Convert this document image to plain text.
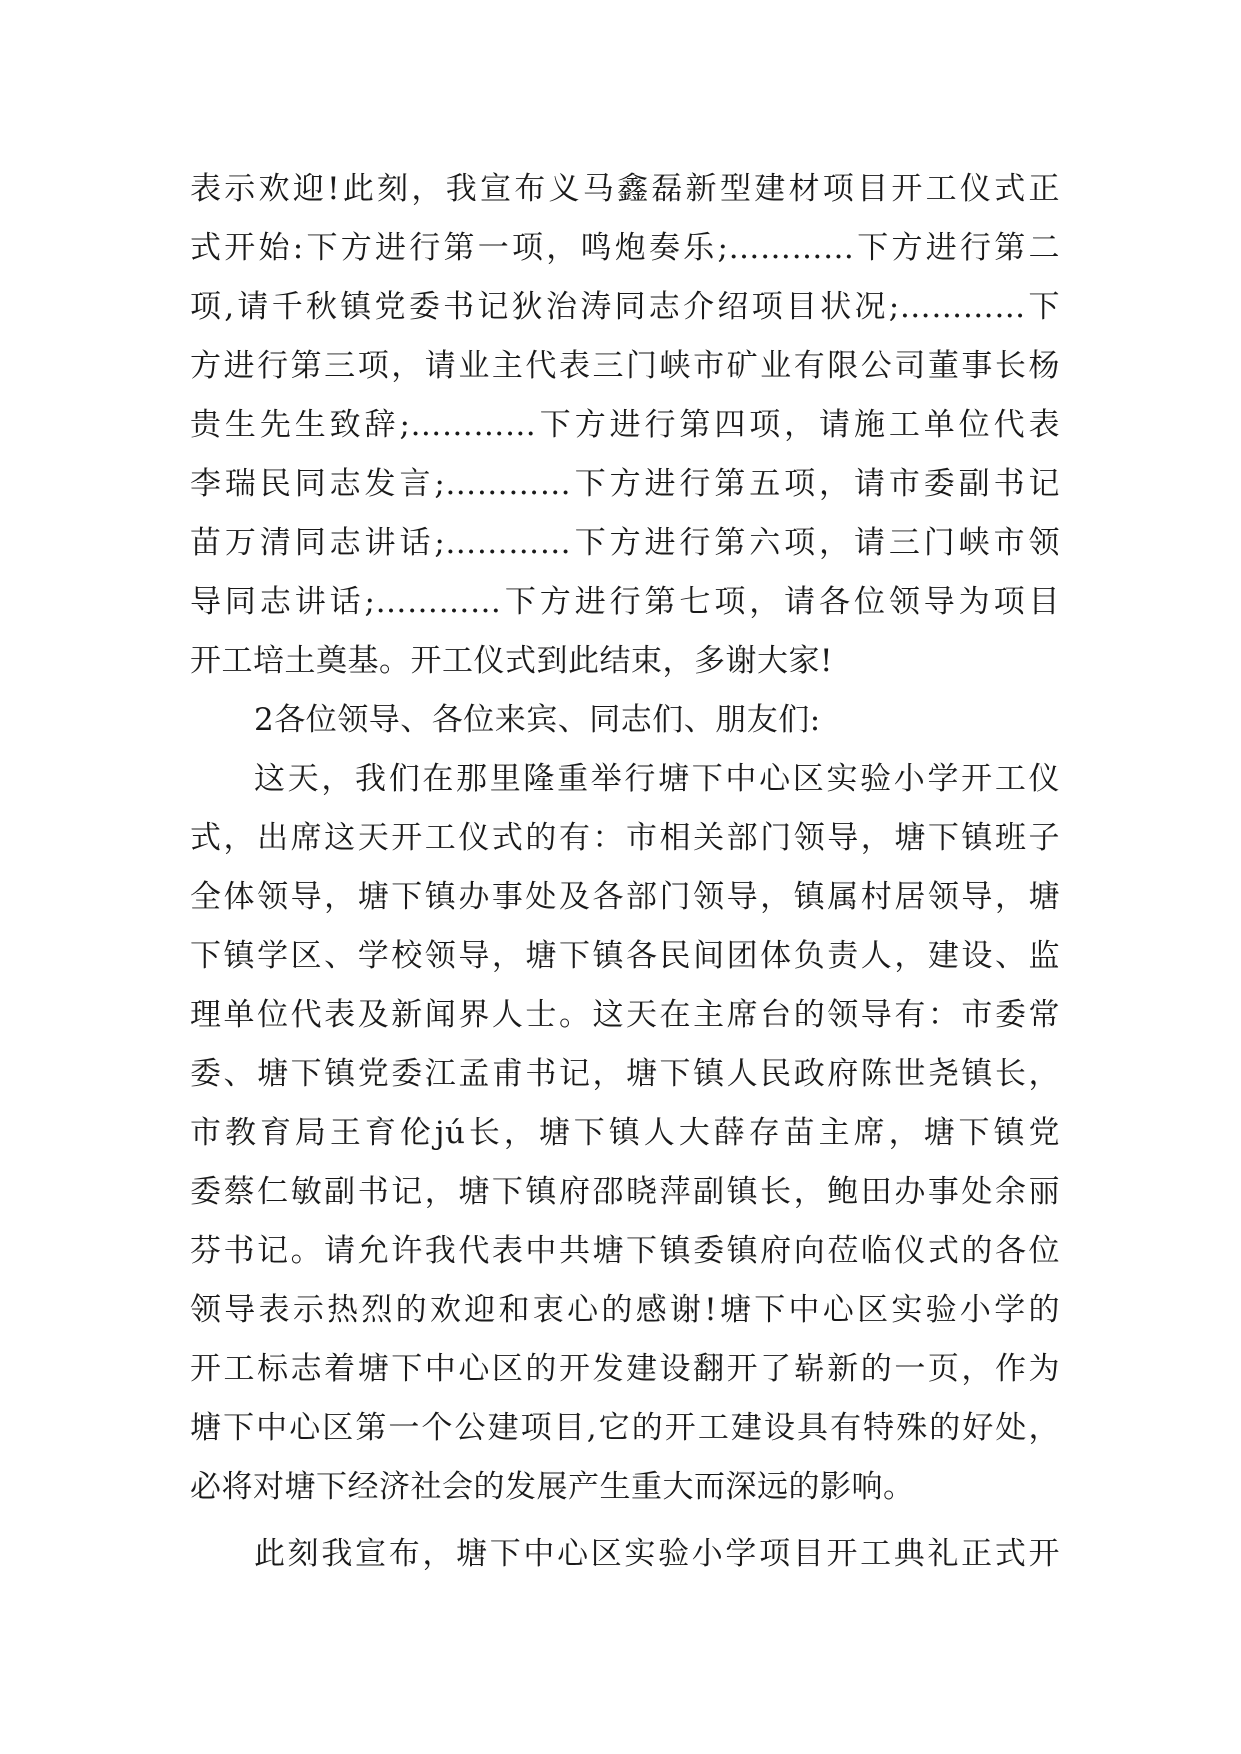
表示欢迎!此刻，我宣布义马鑫磊新型建材项目开工仪式正
式开始:下方进行第一项，鸣炮奏乐;…………下方进行第二
项,请千秋镇党委书记狄治涛同志介绍项目状况;…………下
方进行第三项，请业主代表三门峡市矿业有限公司董事长杨
贵生先生致辞;…………下方进行第四项，请施工单位代表
李瑞民同志发言;…………下方进行第五项，请市委副书记
苗万清同志讲话;…………下方进行第六项，请三门峡市领
导同志讲话;…………下方进行第七项，请各位领导为项目
开工培土奠基。开工仪式到此结束，多谢大家!
2各位领导、各位来宾、同志们、朋友们:
这天，我们在那里隆重举行塘下中心区实验小学开工仪
式，出席这天开工仪式的有：市相关部门领导，塘下镇班子
全体领导，塘下镇办事处及各部门领导，镇属村居领导，塘
下镇学区、学校领导，塘下镇各民间团体负责人，建设、监
理单位代表及新闻界人士。这天在主席台的领导有：市委常
委、塘下镇党委江孟甫书记，塘下镇人民政府陈世尧镇长，
市教育局王育伦jú长，塘下镇人大薛存苗主席，塘下镇党
委蔡仁敏副书记，塘下镇府邵晓萍副镇长，鲍田办事处余丽
芬书记。请允许我代表中共塘下镇委镇府向莅临仪式的各位
领导表示热烈的欢迎和衷心的感谢!塘下中心区实验小学的
开工标志着塘下中心区的开发建设翻开了崭新的一页，作为
塘下中心区第一个公建项目,它的开工建设具有特殊的好处，
必将对塘下经济社会的发展产生重大而深远的影响。
此刻我宣布，塘下中心区实验小学项目开工典礼正式开
